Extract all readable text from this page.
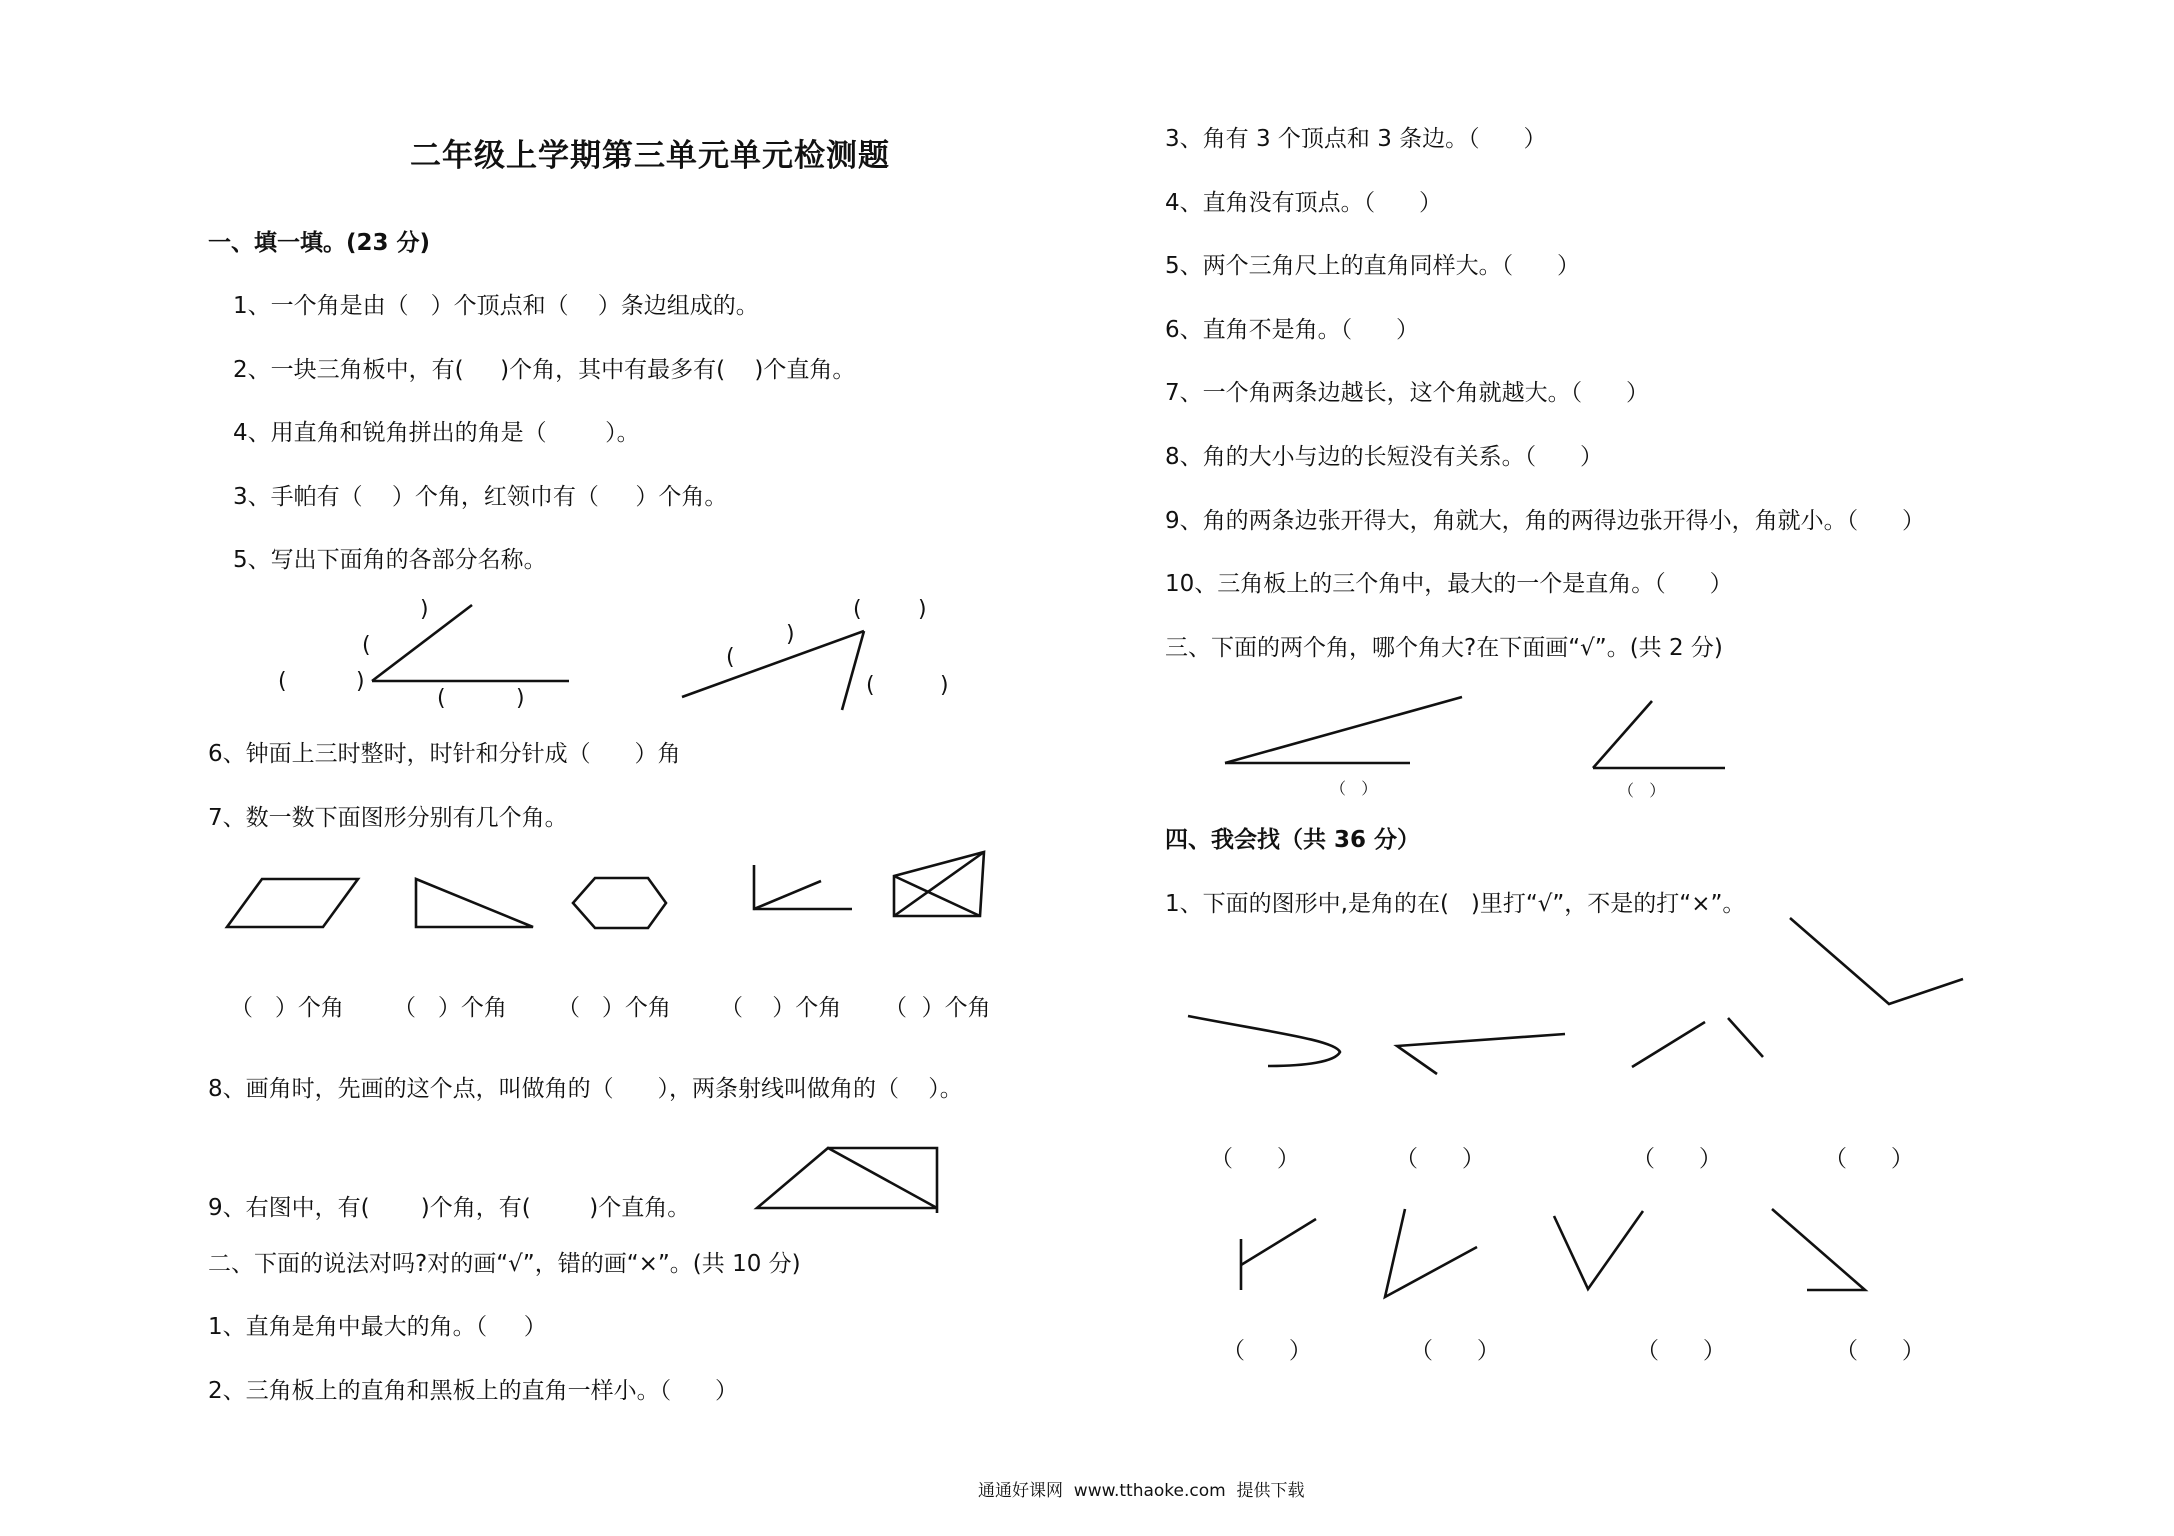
二年级上学期第三单元单元检测题
一、填一填。(23 分)
1、一个角是由（   ）个顶点和（    ）条边组成的。
2、一块三角板中，有(     )个角，其中有最多有(    )个直角。
4、用直角和锐角拼出的角是（        ）。
3、手帕有（    ）个角，红领巾有（     ）个角。
5、写出下面角的各部分名称。
(	)
(
)
(	)
(
)
(	)
(	)
6、钟面上三时整时，时针和分针成（      ）角
7、数一数下面图形分别有几个角。
（   ）个角 （   ）个角 （   ）个角 （    ）个角 （  ）个角
8、画角时，先画的这个点，叫做角的（      ），两条射线叫做角的（    ）。
9、右图中，有(       )个角，有(        )个直角。
二、下面的说法对吗?对的画“√”，错的画“×”。(共 10 分)
1、直角是角中最大的角。（     ）
2、三角板上的直角和黑板上的直角一样小。（      ）
3、角有 3 个顶点和 3 条边。（      ）
4、直角没有顶点。（      ）
5、两个三角尺上的直角同样大。（      ）
6、直角不是角。（      ）
7、一个角两条边越长，这个角就越大。（      ）
8、角的大小与边的长短没有关系。（      ）
9、角的两条边张开得大，角就大，角的两得边张开得小，角就小。（      ）
10、三角板上的三个角中，最大的一个是直角。（      ）
三、下面的两个角，哪个角大?在下面画“√”。(共 2 分)
（   ）	（   ）
四、我会找（共 36 分）
1、下面的图形中,是角的在(   )里打“√”，不是的打“×”。
（      ）	（      ）	（      ）	（      ）
（      ）	（      ）	（      ）	（      ）
通通好课网  www.tthaoke.com  提供下载
